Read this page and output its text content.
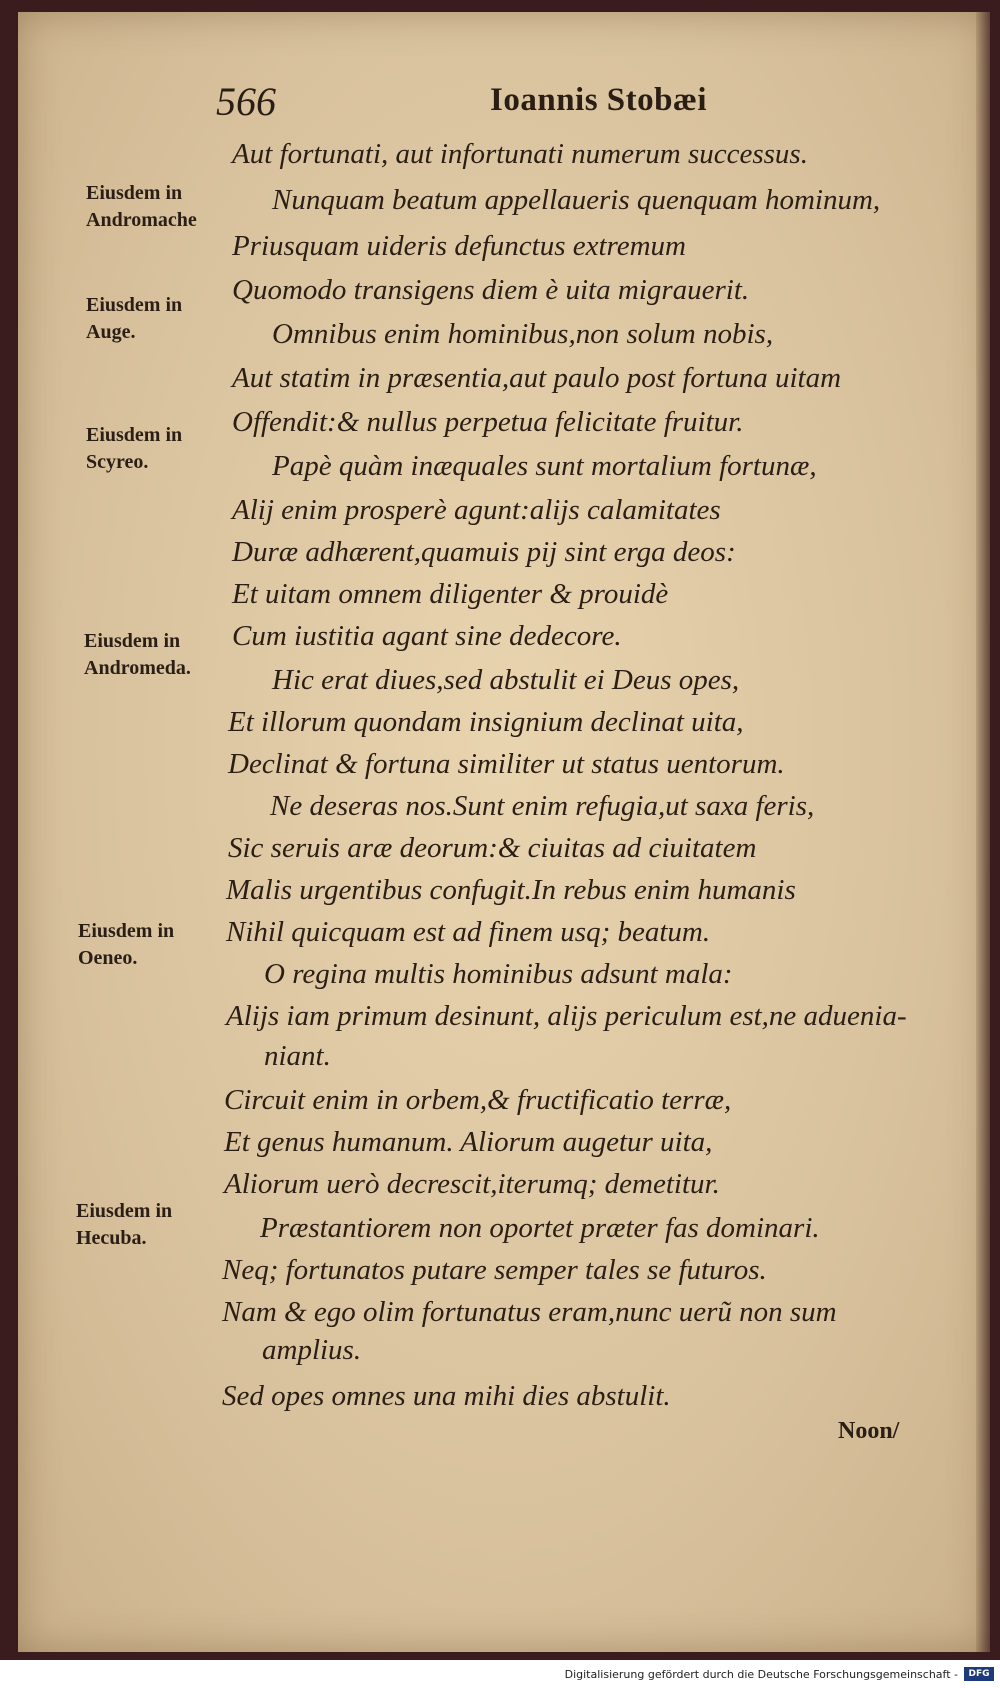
566	Ioannis Stobæi
Aut fortunati, aut infortunati numerum successus.
Nunquam beatum appellaueris quenquam hominum,
Priusquam uideris defunctus extremum
Quomodo transigens diem è uita migrauerit.
Omnibus enim hominibus,non solum nobis,
Aut statim in præsentia,aut paulo post fortuna uitam
Offendit:& nullus perpetua felicitate fruitur.
Papè quàm inæquales sunt mortalium fortunæ,
Alij enim prosperè agunt:alijs calamitates
Duræ adhærent,quamuis pij sint erga deos:
Et uitam omnem diligenter & prouidè
Cum iustitia agant sine dedecore.
Hic erat diues,sed abstulit ei Deus opes,
Et illorum quondam insignium declinat uita,
Declinat & fortuna similiter ut status uentorum.
Ne deseras nos.Sunt enim refugia,ut saxa feris,
Sic seruis aræ deorum:& ciuitas ad ciuitatem
Malis urgentibus confugit.In rebus enim humanis
Nihil quicquam est ad finem usq; beatum.
O regina multis hominibus adsunt mala:
Alijs iam primum desinunt, alijs periculum est,ne aduenia-
niant.
Circuit enim in orbem,& fructificatio terræ,
Et genus humanum. Aliorum augetur uita,
Aliorum uerò decrescit,iterumq; demetitur.
Præstantiorem non oportet præter fas dominari.
Neq; fortunatos putare semper tales se futuros.
Nam & ego olim fortunatus eram,nunc uerũ non sum
amplius.
Sed opes omnes una mihi dies abstulit.
Eiusdem in
Andromache
Eiusdem in
Auge.
Eiusdem in
Scyreo.
Eiusdem in
Andromeda.
Eiusdem in
Oeneo.
Eiusdem in
Hecuba.
Noon/
Digitalisierung gefördert durch die Deutsche Forschungsgemeinschaft -	DFG
